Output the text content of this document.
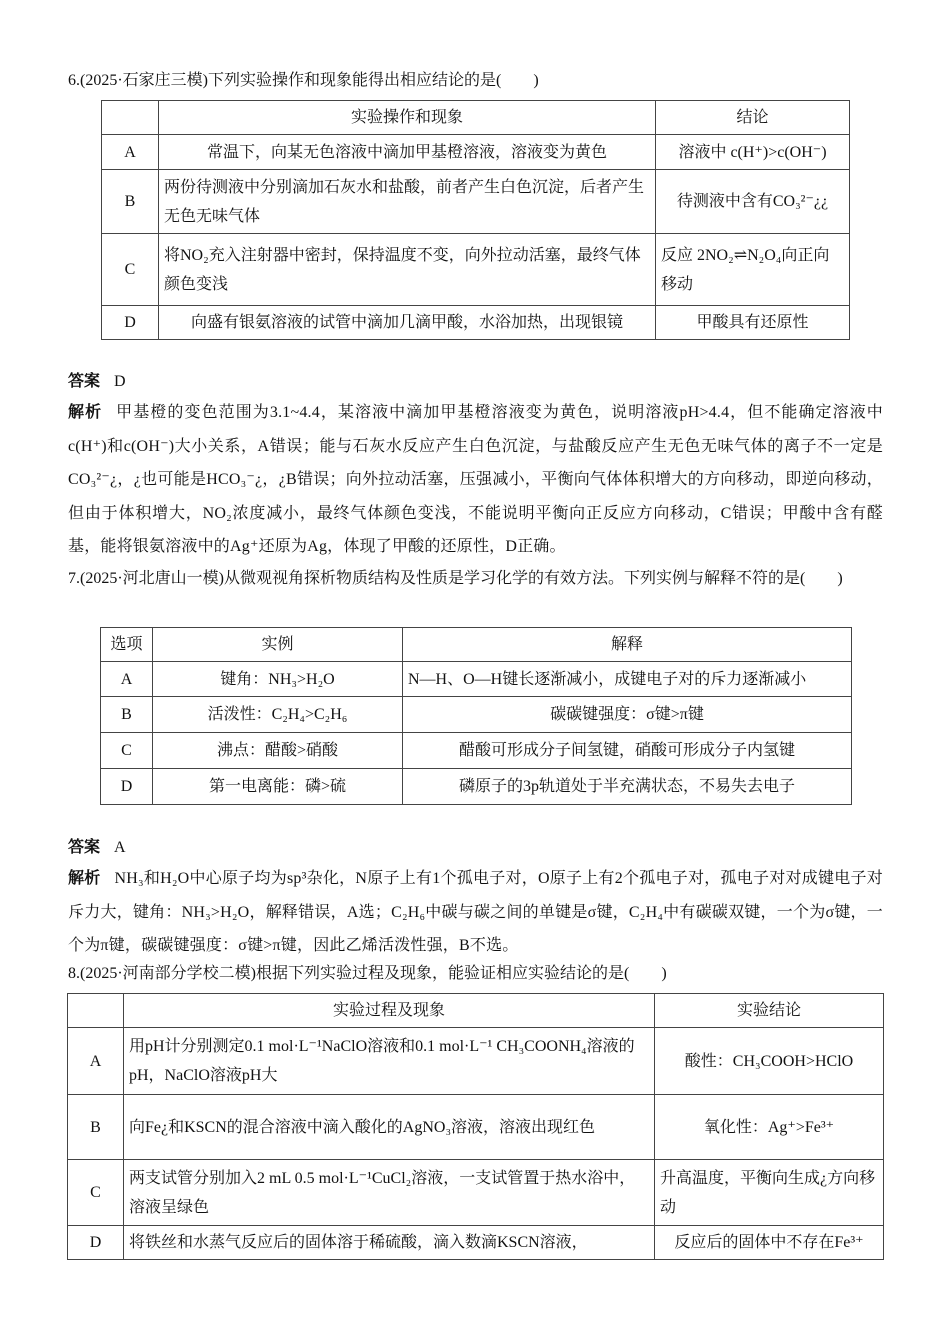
6.(2025·石家庄三模)下列实验操作和现象能得出相应结论的是(　　)
	实验操作和现象	结论
A	常温下，向某无色溶液中滴加甲基橙溶液，溶液变为黄色	溶液中 c(H⁺)>c(OH⁻)
B	两份待测液中分别滴加石灰水和盐酸，前者产生白色沉淀，后者产生无色无味气体	待测液中含有CO₃²⁻¿¿
C	将NO₂充入注射器中密封，保持温度不变，向外拉动活塞，最终气体颜色变浅	反应 2NO₂⇌N₂O₄向正向移动
D	向盛有银氨溶液的试管中滴加几滴甲酸，水浴加热，出现银镜	甲酸具有还原性
答案 D
解析 甲基橙的变色范围为3.1~4.4，某溶液中滴加甲基橙溶液变为黄色，说明溶液pH>4.4，但不能确定溶液中c(H⁺)和c(OH⁻)大小关系，A错误；能与石灰水反应产生白色沉淀，与盐酸反应产生无色无味气体的离子不一定是CO₃²⁻¿，¿也可能是HCO₃⁻¿，¿B错误；向外拉动活塞，压强减小，平衡向气体体积增大的方向移动，即逆向移动，但由于体积增大，NO₂浓度减小，最终气体颜色变浅，不能说明平衡向正反应方向移动，C错误；甲酸中含有醛基，能将银氨溶液中的Ag⁺还原为Ag，体现了甲酸的还原性，D正确。
7.(2025·河北唐山一模)从微观视角探析物质结构及性质是学习化学的有效方法。下列实例与解释不符的是(　　)
选项	实例	解释
A	键角：NH₃>H₂O	N—H、O—H键长逐渐减小，成键电子对的斥力逐渐减小
B	活泼性：C₂H₄>C₂H₆	碳碳键强度：σ键>π键
C	沸点：醋酸>硝酸	醋酸可形成分子间氢键，硝酸可形成分子内氢键
D	第一电离能：磷>硫	磷原子的3p轨道处于半充满状态，不易失去电子
答案 A
解析 NH₃和H₂O中心原子均为sp³杂化，N原子上有1个孤电子对，O原子上有2个孤电子对，孤电子对对成键电子对斥力大，键角：NH₃>H₂O，解释错误，A选；C₂H₆中碳与碳之间的单键是σ键，C₂H₄中有碳碳双键，一个为σ键，一个为π键，碳碳键强度：σ键>π键，因此乙烯活泼性强，B不选。
8.(2025·河南部分学校二模)根据下列实验过程及现象，能验证相应实验结论的是(　　)
	实验过程及现象	实验结论
A	用pH计分别测定0.1 mol·L⁻¹NaClO溶液和0.1 mol·L⁻¹ CH₃COONH₄溶液的pH，NaClO溶液pH大	酸性：CH₃COOH>HClO
B	向Fe¿和KSCN的混合溶液中滴入酸化的AgNO₃溶液，溶液出现红色	氧化性：Ag⁺>Fe³⁺
C	两支试管分别加入2 mL 0.5 mol·L⁻¹CuCl₂溶液，一支试管置于热水浴中，溶液呈绿色	升高温度，平衡向生成¿方向移动
D	将铁丝和水蒸气反应后的固体溶于稀硫酸，滴入数滴KSCN溶液，	反应后的固体中不存在Fe³⁺
